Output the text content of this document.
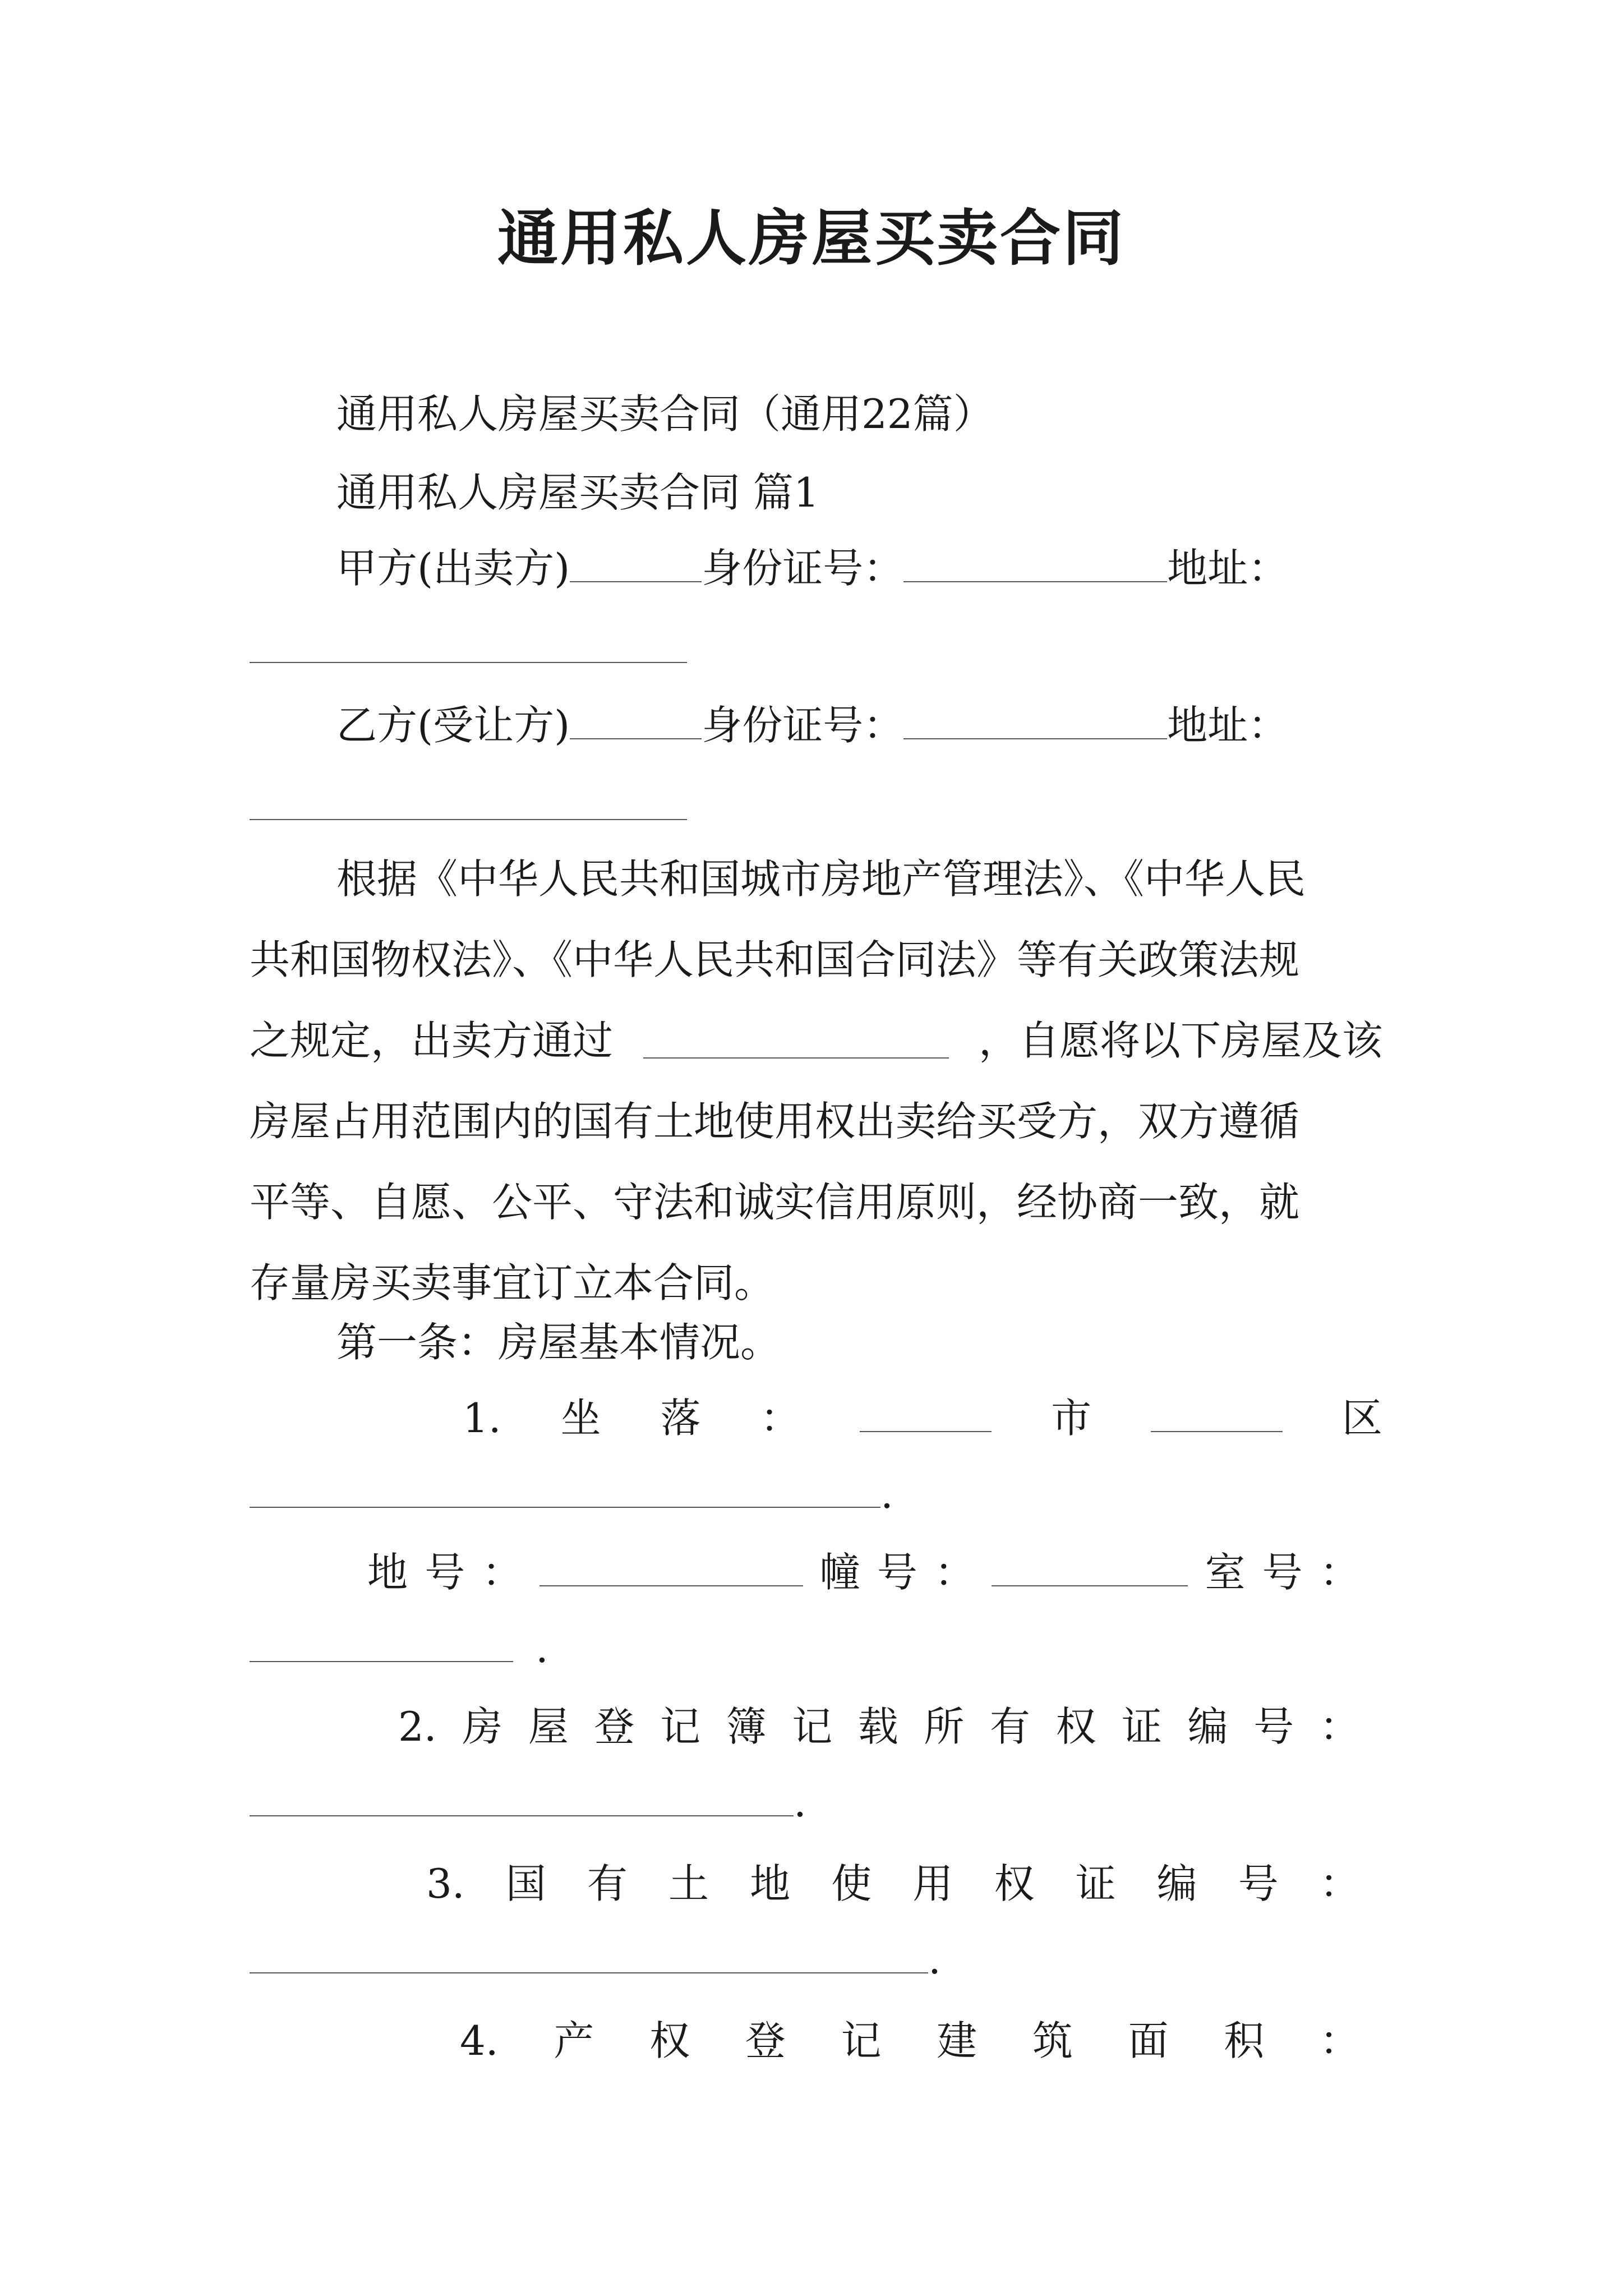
通用私人房屋买卖合同
通用私人房屋买卖合同（通用22篇）
通用私人房屋买卖合同 篇1
甲方(出卖方)	身份证号：	地址：
乙方(受让方)	身份证号：	地址：
根据《中华人民共和国城市房地产管理法》、《中华人民
共和国物权法》、《中华人民共和国合同法》等有关政策法规
之规定，出卖方通过	，自愿将以下房屋及该
房屋占用范围内的国有土地使用权出卖给买受方，双方遵循
平等、自愿、公平、守法和诚实信用原则，经协商一致，就
存量房买卖事宜订立本合同。
第一条：房屋基本情况。
1. 坐 落 ：	市	区
.
地 号 ：	幢 号 ：	室 号 ：
.
2. 房 屋 登 记 簿 记 载 所 有 权 证 编 号 ：
.
3. 国 有 土 地 使 用 权 证 编 号 ：
.
4. 产 权 登 记 建 筑 面 积 ：
